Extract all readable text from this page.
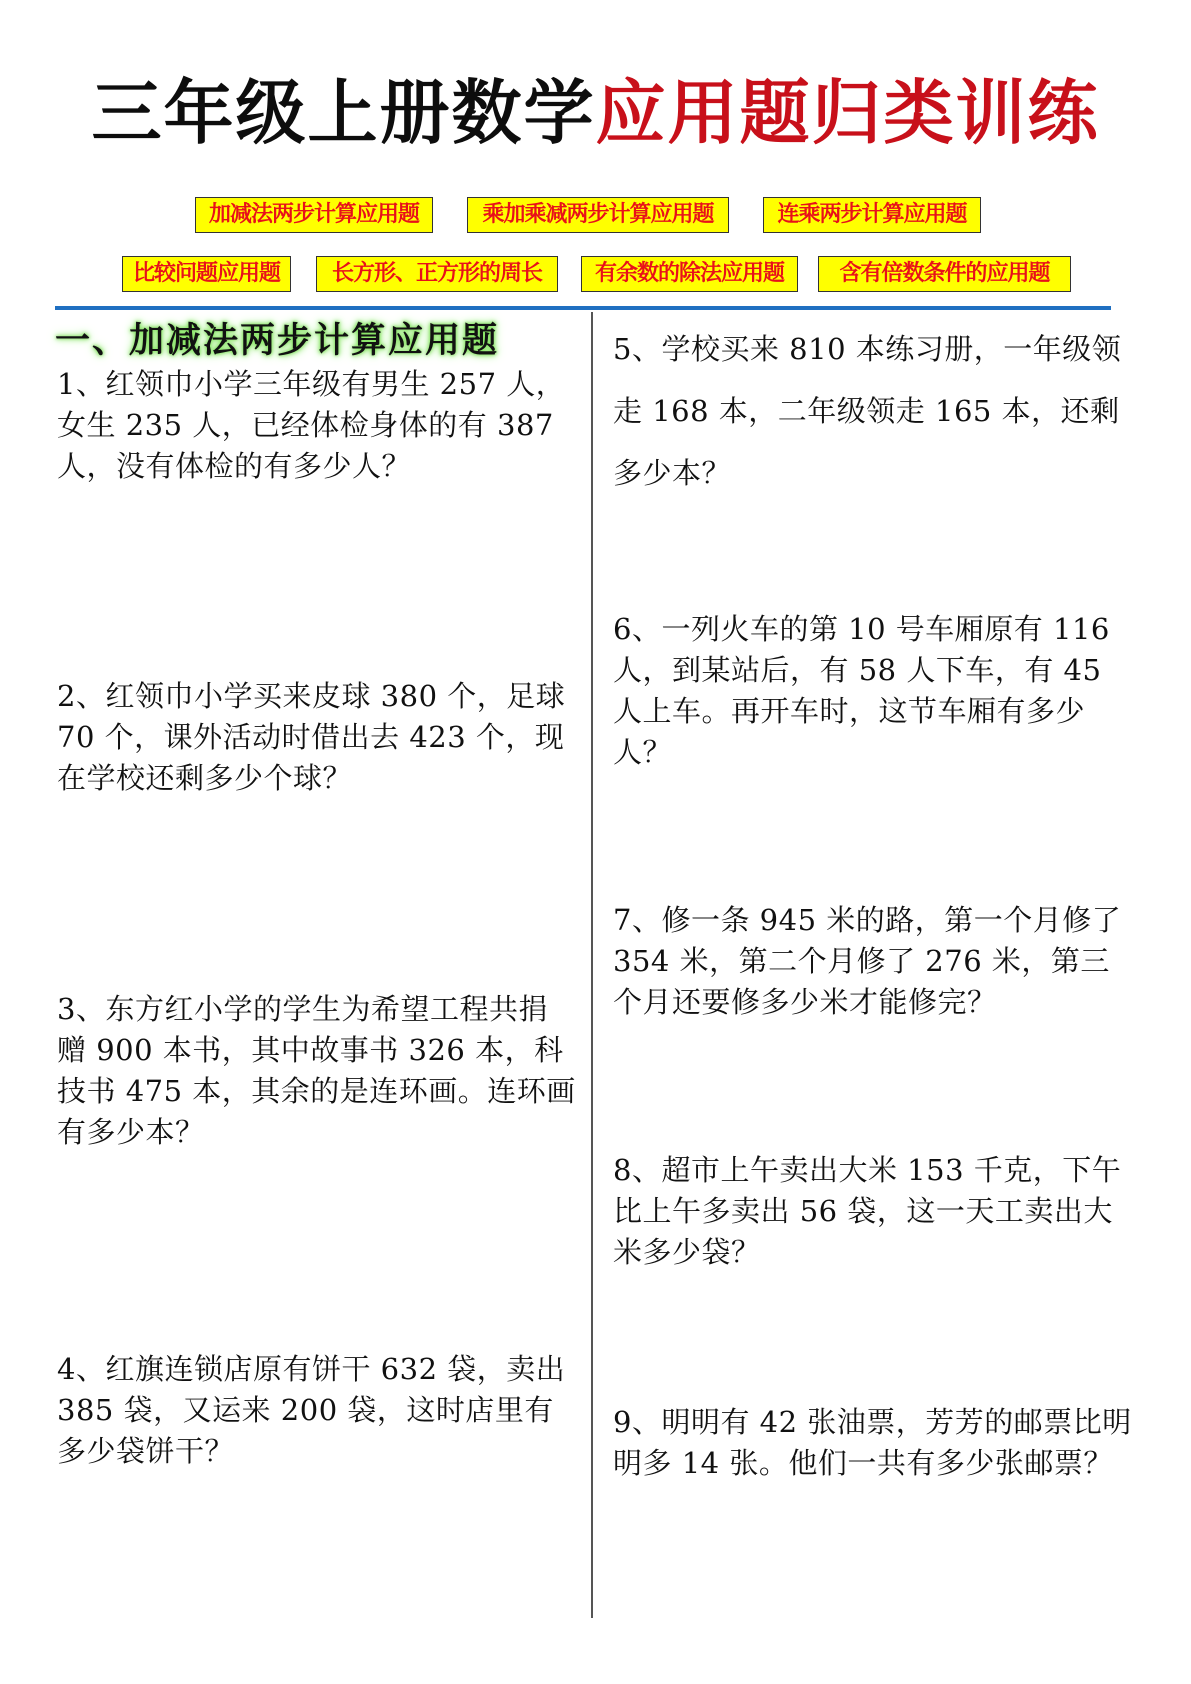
三年级上册数学应用题归类训练
加减法两步计算应用题	乘加乘减两步计算应用题	连乘两步计算应用题
比较问题应用题	长方形、正方形的周长	有余数的除法应用题	含有倍数条件的应用题
一、加减法两步计算应用题
1、红领巾小学三年级有男生 257 人，女生 235 人，已经体检身体的有 387 人，没有体检的有多少人？
2、红领巾小学买来皮球 380 个，足球 70 个，课外活动时借出去 423 个，现在学校还剩多少个球？
3、东方红小学的学生为希望工程共捐赠 900 本书，其中故事书 326 本，科技书 475 本，其余的是连环画。连环画有多少本？
4、红旗连锁店原有饼干 632 袋，卖出 385 袋，又运来 200 袋，这时店里有多少袋饼干？
5、学校买来 810 本练习册，一年级领走 168 本，二年级领走 165 本，还剩多少本？
6、一列火车的第 10 号车厢原有 116 人，到某站后，有 58 人下车，有 45 人上车。再开车时，这节车厢有多少人？
7、修一条 945 米的路，第一个月修了 354 米，第二个月修了 276 米，第三个月还要修多少米才能修完？
8、超市上午卖出大米 153 千克，下午比上午多卖出 56 袋，这一天工卖出大米多少袋？
9、明明有 42 张油票，芳芳的邮票比明明多 14 张。他们一共有多少张邮票？
